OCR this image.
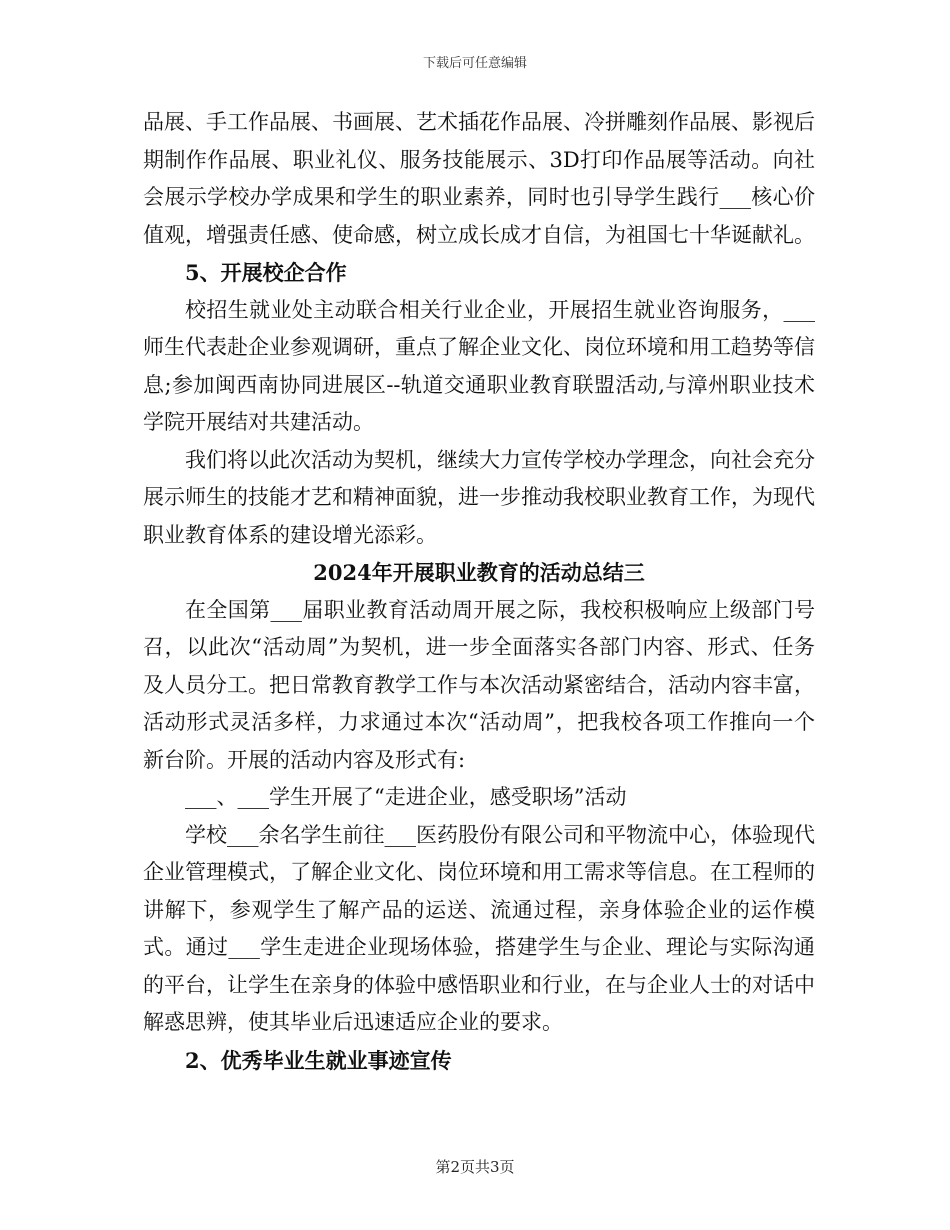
下载后可任意编辑

品展、手工作品展、书画展、艺术插花作品展、冷拼雕刻作品展、影视后期制作作品展、职业礼仪、服务技能展示、3D打印作品展等活动。向社会展示学校办学成果和学生的职业素养，同时也引导学生践行___核心价值观，增强责任感、使命感，树立成长成才自信，为祖国七十华诞献礼。

5、开展校企合作

校招生就业处主动联合相关行业企业，开展招生就业咨询服务，___师生代表赴企业参观调研，重点了解企业文化、岗位环境和用工趋势等信息;参加闽西南协同进展区--轨道交通职业教育联盟活动,与漳州职业技术学院开展结对共建活动。

我们将以此次活动为契机，继续大力宣传学校办学理念，向社会充分展示师生的技能才艺和精神面貌，进一步推动我校职业教育工作，为现代职业教育体系的建设增光添彩。

2024年开展职业教育的活动总结三

在全国第___届职业教育活动周开展之际，我校积极响应上级部门号召，以此次“活动周”为契机，进一步全面落实各部门内容、形式、任务及人员分工。把日常教育教学工作与本次活动紧密结合，活动内容丰富，活动形式灵活多样，力求通过本次“活动周”，把我校各项工作推向一个新台阶。开展的活动内容及形式有:

___、___学生开展了“走进企业，感受职场”活动

学校___余名学生前往___医药股份有限公司和平物流中心，体验现代企业管理模式，了解企业文化、岗位环境和用工需求等信息。在工程师的讲解下，参观学生了解产品的运送、流通过程，亲身体验企业的运作模式。通过___学生走进企业现场体验，搭建学生与企业、理论与实际沟通的平台，让学生在亲身的体验中感悟职业和行业，在与企业人士的对话中解惑思辨，使其毕业后迅速适应企业的要求。

2、优秀毕业生就业事迹宣传

第2页共3页
